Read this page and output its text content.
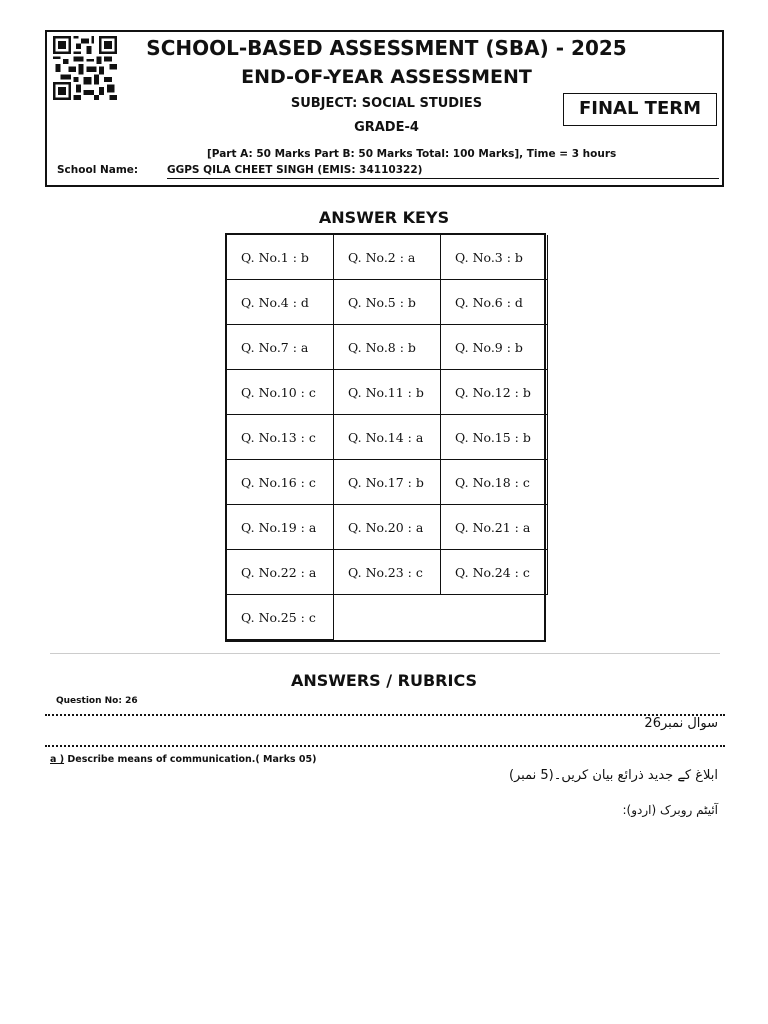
SCHOOL-BASED ASSESSMENT (SBA) - 2025
END-OF-YEAR ASSESSMENT
SUBJECT: SOCIAL STUDIES
GRADE-4
FINAL TERM
[Part A: 50 Marks Part B: 50 Marks Total: 100 Marks], Time = 3 hours
School Name:	GGPS QILA CHEET SINGH (EMIS: 34110322)
ANSWER KEYS
Q. No.1 : b	Q. No.2 : a	Q. No.3 : b
Q. No.4 : d	Q. No.5 : b	Q. No.6 : d
Q. No.7 : a	Q. No.8 : b	Q. No.9 : b
Q. No.10 : c	Q. No.11 : b	Q. No.12 : b
Q. No.13 : c	Q. No.14 : a	Q. No.15 : b
Q. No.16 : c	Q. No.17 : b	Q. No.18 : c
Q. No.19 : a	Q. No.20 : a	Q. No.21 : a
Q. No.22 : a	Q. No.23 : c	Q. No.24 : c
Q. No.25 : c
ANSWERS / RUBRICS
Question No: 26
سوال نمبر26
a ) Describe means of communication.( Marks 05)
ابلاغ کے جدید ذرائع بیان کریں۔(5 نمبر)
آئیٹم روبرک (اردو):
